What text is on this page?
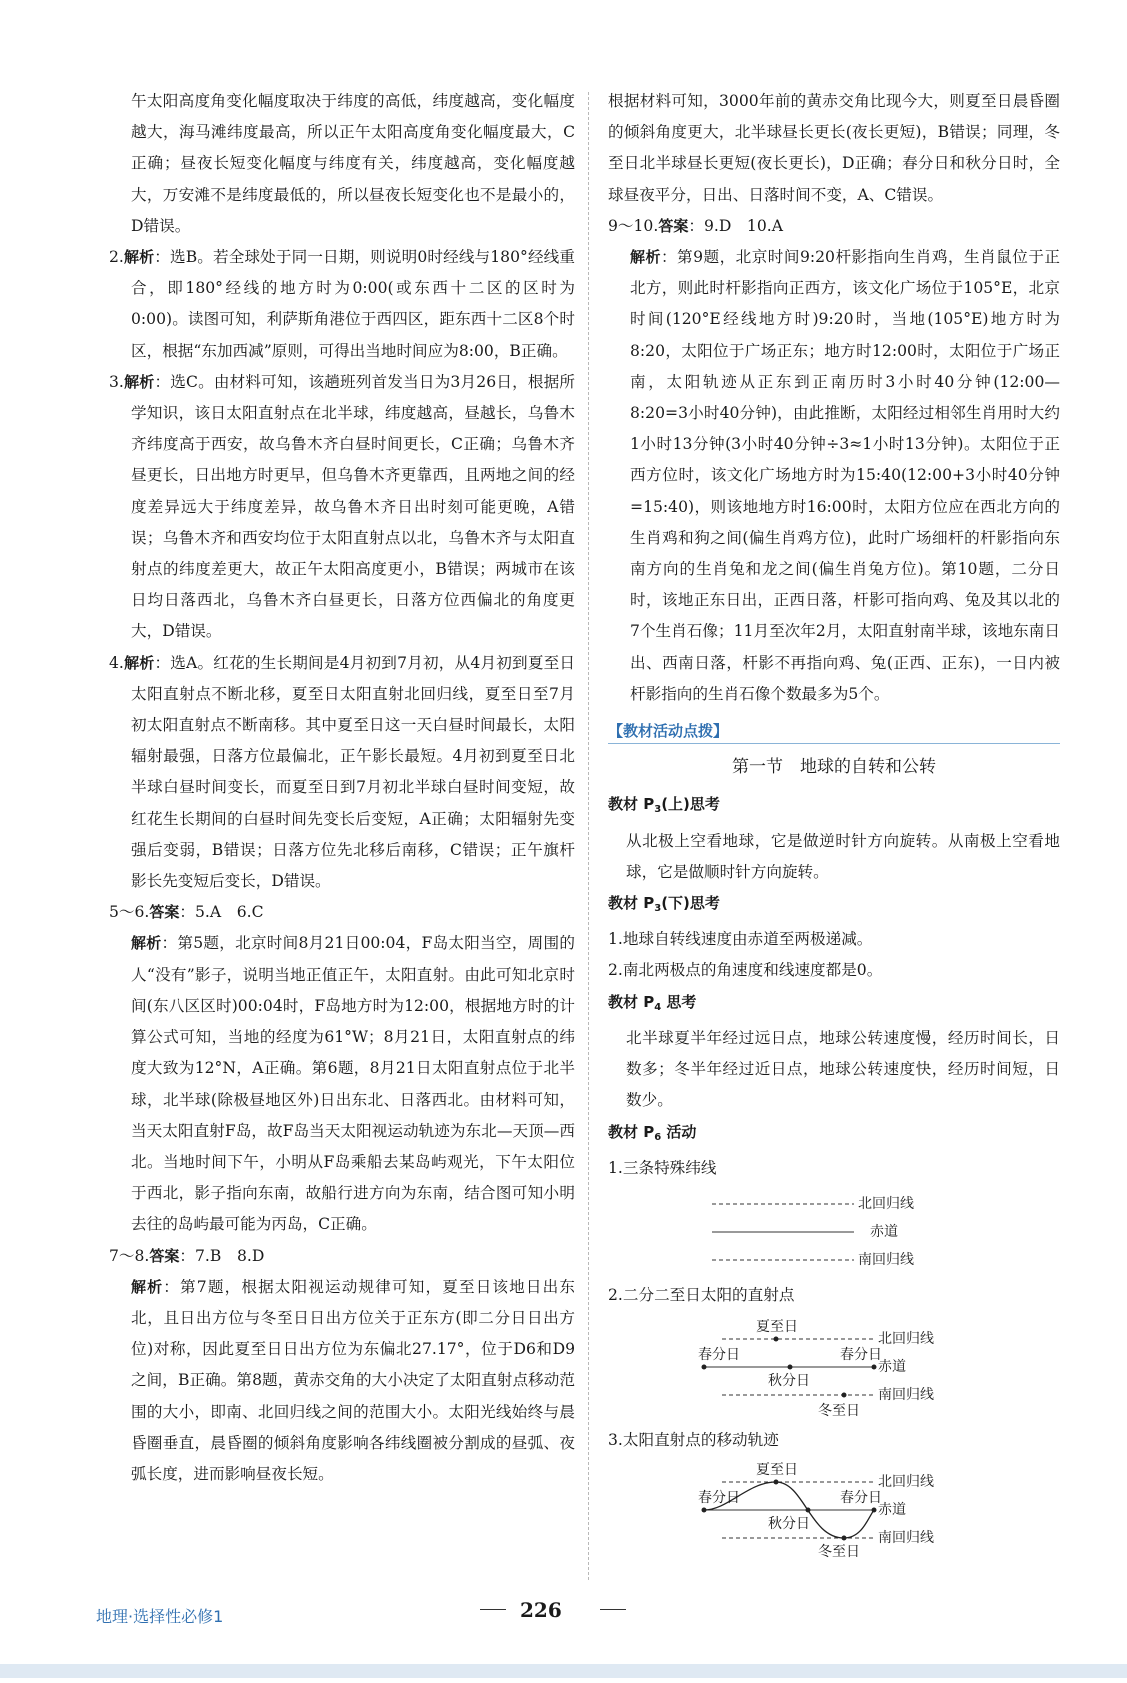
午太阳高度角变化幅度取决于纬度的高低，纬度越高，变化幅度越大，海马滩纬度最高，所以正午太阳高度角变化幅度最大，C正确；昼夜长短变化幅度与纬度有关，纬度越高，变化幅度越大，万安滩不是纬度最低的，所以昼夜长短变化也不是最小的，D错误。

2.解析：选B。若全球处于同一日期，则说明0时经线与180°经线重合，即180°经线的地方时为0:00(或东西十二区的区时为0:00)。读图可知，利萨斯角港位于西四区，距东西十二区8个时区，根据“东加西减”原则，可得出当地时间应为8:00，B正确。

3.解析：选C。由材料可知，该趟班列首发当日为3月26日，根据所学知识，该日太阳直射点在北半球，纬度越高，昼越长，乌鲁木齐纬度高于西安，故乌鲁木齐白昼时间更长，C正确；乌鲁木齐昼更长，日出地方时更早，但乌鲁木齐更靠西，且两地之间的经度差异远大于纬度差异，故乌鲁木齐日出时刻可能更晚，A错误；乌鲁木齐和西安均位于太阳直射点以北，乌鲁木齐与太阳直射点的纬度差更大，故正午太阳高度更小，B错误；两城市在该日均日落西北，乌鲁木齐白昼更长，日落方位西偏北的角度更大，D错误。

4.解析：选A。红花的生长期间是4月初到7月初，从4月初到夏至日太阳直射点不断北移，夏至日太阳直射北回归线，夏至日至7月初太阳直射点不断南移。其中夏至日这一天白昼时间最长，太阳辐射最强，日落方位最偏北，正午影长最短。4月初到夏至日北半球白昼时间变长，而夏至日到7月初北半球白昼时间变短，故红花生长期间的白昼时间先变长后变短，A正确；太阳辐射先变强后变弱，B错误；日落方位先北移后南移，C错误；正午旗杆影长先变短后变长，D错误。

5～6.答案：5.A　6.C

解析：第5题，北京时间8月21日00:04，F岛太阳当空，周围的人“没有”影子，说明当地正值正午，太阳直射。由此可知北京时间(东八区区时)00:04时，F岛地方时为12:00，根据地方时的计算公式可知，当地的经度为61°W；8月21日，太阳直射点的纬度大致为12°N，A正确。第6题，8月21日太阳直射点位于北半球，北半球(除极昼地区外)日出东北、日落西北。由材料可知，当天太阳直射F岛，故F岛当天太阳视运动轨迹为东北—天顶—西北。当地时间下午，小明从F岛乘船去某岛屿观光，下午太阳位于西北，影子指向东南，故船行进方向为东南，结合图可知小明去往的岛屿最可能为丙岛，C正确。

7～8.答案：7.B　8.D

解析：第7题，根据太阳视运动规律可知，夏至日该地日出东北，且日出方位与冬至日日出方位关于正东方(即二分日日出方位)对称，因此夏至日日出方位为东偏北27.17°，位于D6和D9之间，B正确。第8题，黄赤交角的大小决定了太阳直射点移动范围的大小，即南、北回归线之间的范围大小。太阳光线始终与晨昏圈垂直，晨昏圈的倾斜角度影响各纬线圈被分割成的昼弧、夜弧长度，进而影响昼夜长短。

根据材料可知，3000年前的黄赤交角比现今大，则夏至日晨昏圈的倾斜角度更大，北半球昼长更长(夜长更短)，B错误；同理，冬至日北半球昼长更短(夜长更长)，D正确；春分日和秋分日时，全球昼夜平分，日出、日落时间不变，A、C错误。

9～10.答案：9.D　10.A

解析：第9题，北京时间9:20杆影指向生肖鸡，生肖鼠位于正北方，则此时杆影指向正西方，该文化广场位于105°E，北京时间(120°E经线地方时)9:20时，当地(105°E)地方时为8:20，太阳位于广场正东；地方时12:00时，太阳位于广场正南，太阳轨迹从正东到正南历时3小时40分钟(12:00—8:20=3小时40分钟)，由此推断，太阳经过相邻生肖用时大约1小时13分钟(3小时40分钟÷3≈1小时13分钟)。太阳位于正西方位时，该文化广场地方时为15:40(12:00+3小时40分钟=15:40)，则该地地方时16:00时，太阳方位应在西北方向的生肖鸡和狗之间(偏生肖鸡方位)，此时广场细杆的杆影指向东南方向的生肖兔和龙之间(偏生肖兔方位)。第10题，二分日时，该地正东日出，正西日落，杆影可指向鸡、兔及其以北的7个生肖石像；11月至次年2月，太阳直射南半球，该地东南日出、西南日落，杆影不再指向鸡、兔(正西、正东)，一日内被杆影指向的生肖石像个数最多为5个。

【教材活动点拨】
第一节　地球的自转和公转

教材 $P_3$(上)思考

从北极上空看地球，它是做逆时针方向旋转。从南极上空看地球，它是做顺时针方向旋转。

教材 $P_3$(下)思考

1.地球自转线速度由赤道至两极递减。

2.南北两极点的角速度和线速度都是0。

教材 $P_4$ 思考

北半球夏半年经过远日点，地球公转速度慢，经历时间长，日数多；冬半年经过近日点，地球公转速度快，经历时间短，日数少。

教材 $P_6$ 活动

1.三条特殊纬线

北回归线
赤道
南回归线

2.二分二至日太阳的直射点

夏至日
北回归线
春分日	春分日
赤道
秋分日
南回归线
冬至日

3.太阳直射点的移动轨迹

夏至日
北回归线
春分日	春分日
赤道
秋分日
南回归线
冬至日
地理·选择性必修1	226
